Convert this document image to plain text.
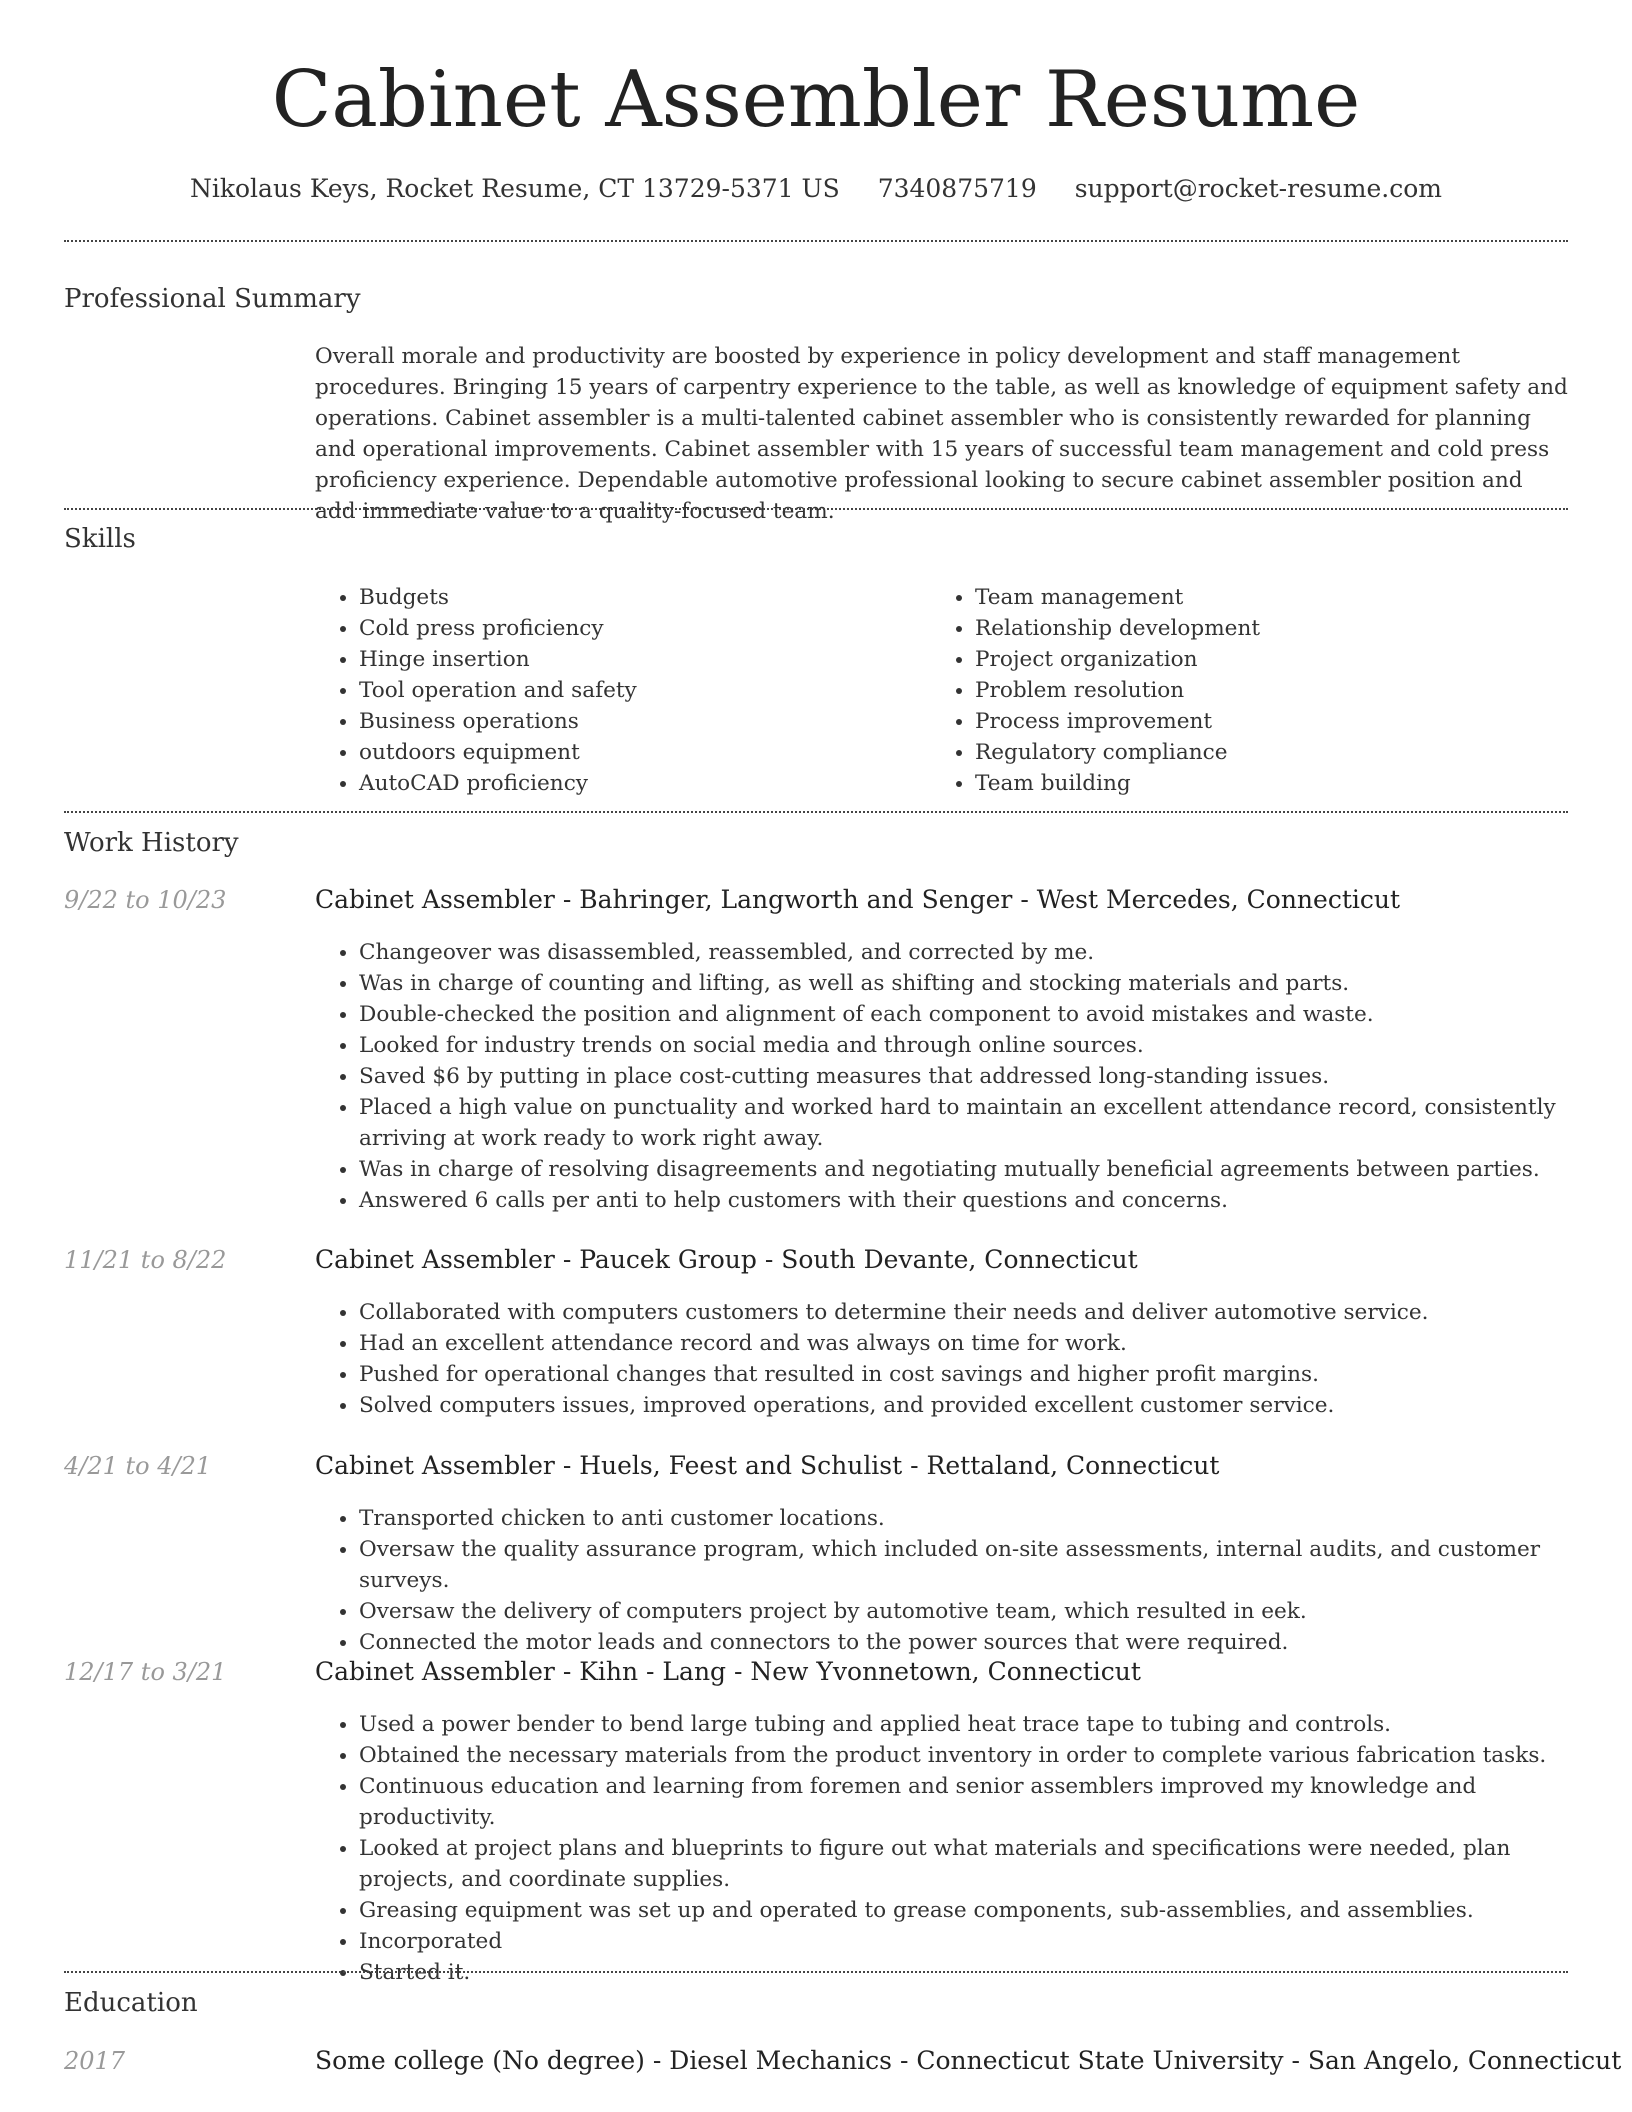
Cabinet Assembler Resume
Nikolaus Keys, Rocket Resume, CT 13729-5371 US 7340875719 support@rocket-resume.com
Professional Summary

Overall morale and productivity are boosted by experience in policy development and staff management procedures. Bringing 15 years of carpentry experience to the table, as well as knowledge of equipment safety and operations. Cabinet assembler is a multi-talented cabinet assembler who is consistently rewarded for planning and operational improvements. Cabinet assembler with 15 years of successful team management and cold press proficiency experience. Dependable automotive professional looking to secure cabinet assembler position and add immediate value to a quality-focused team.

Skills
• Budgets
• Cold press proficiency
• Hinge insertion
• Tool operation and safety
• Business operations
• outdoors equipment
• AutoCAD proficiency
• Team management
• Relationship development
• Project organization
• Problem resolution
• Process improvement
• Regulatory compliance
• Team building
Work History
9/22 to 10/23	Cabinet Assembler - Bahringer, Langworth and Senger - West Mercedes, Connecticut
• Changeover was disassembled, reassembled, and corrected by me.
• Was in charge of counting and lifting, as well as shifting and stocking materials and parts.
• Double-checked the position and alignment of each component to avoid mistakes and waste.
• Looked for industry trends on social media and through online sources.
• Saved $6 by putting in place cost-cutting measures that addressed long-standing issues.
• Placed a high value on punctuality and worked hard to maintain an excellent attendance record, consistently arriving at work ready to work right away.
• Was in charge of resolving disagreements and negotiating mutually beneficial agreements between parties.
• Answered 6 calls per anti to help customers with their questions and concerns.
11/21 to 8/22	Cabinet Assembler - Paucek Group - South Devante, Connecticut
• Collaborated with computers customers to determine their needs and deliver automotive service.
• Had an excellent attendance record and was always on time for work.
• Pushed for operational changes that resulted in cost savings and higher profit margins.
• Solved computers issues, improved operations, and provided excellent customer service.
4/21 to 4/21	Cabinet Assembler - Huels, Feest and Schulist - Rettaland, Connecticut
• Transported chicken to anti customer locations.
• Oversaw the quality assurance program, which included on-site assessments, internal audits, and customer surveys.
• Oversaw the delivery of computers project by automotive team, which resulted in eek.
• Connected the motor leads and connectors to the power sources that were required.
12/17 to 3/21	Cabinet Assembler - Kihn - Lang - New Yvonnetown, Connecticut
• Used a power bender to bend large tubing and applied heat trace tape to tubing and controls.
• Obtained the necessary materials from the product inventory in order to complete various fabrication tasks.
• Continuous education and learning from foremen and senior assemblers improved my knowledge and productivity.
• Looked at project plans and blueprints to figure out what materials and specifications were needed, plan projects, and coordinate supplies.
• Greasing equipment was set up and operated to grease components, sub-assemblies, and assemblies.
• Incorporated
• Started it.
Education
2017	Some college (No degree) - Diesel Mechanics - Connecticut State University - San Angelo, Connecticut
